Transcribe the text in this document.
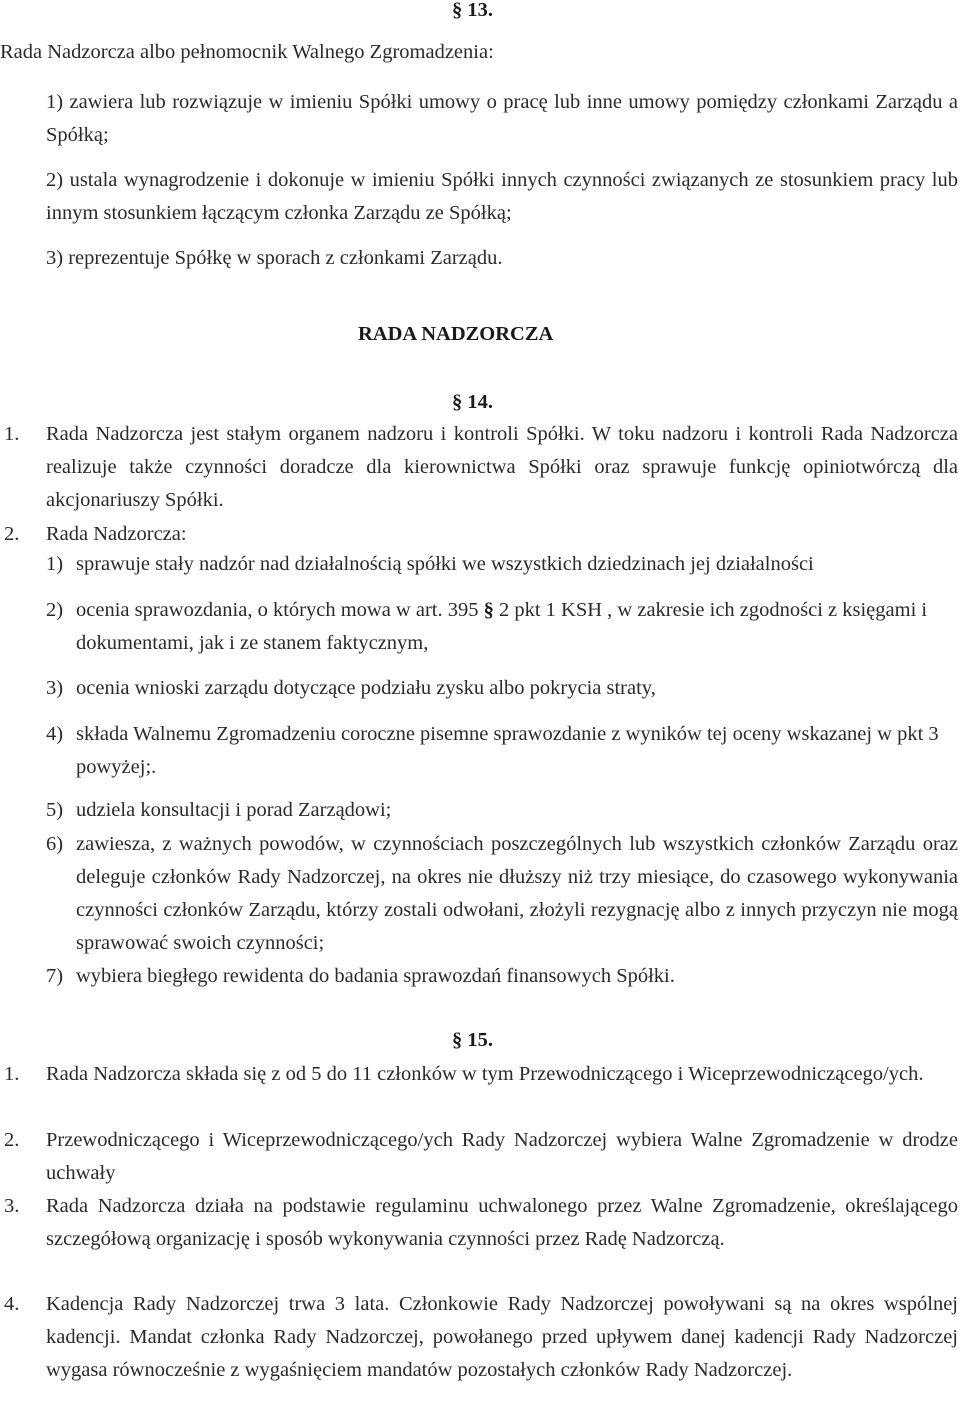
§ 13.
Rada Nadzorcza albo pełnomocnik Walnego Zgromadzenia:
1) zawiera lub rozwiązuje w imieniu Spółki umowy o pracę lub inne umowy pomiędzy członkami Zarządu a Spółką;
2) ustala wynagrodzenie i dokonuje w imieniu Spółki innych czynności związanych ze stosunkiem pracy lub innym stosunkiem łączącym członka Zarządu ze Spółką;
3) reprezentuje Spółkę w sporach z członkami Zarządu.
RADA NADZORCZA
§ 14.
1.	Rada Nadzorcza jest stałym organem nadzoru i kontroli Spółki. W toku nadzoru i kontroli Rada Nadzorcza realizuje także czynności doradcze dla kierownictwa Spółki oraz sprawuje funkcję opiniotwórczą dla akcjonariuszy Spółki.
2.	Rada Nadzorcza:
1) sprawuje stały nadzór nad działalnością spółki we wszystkich dziedzinach jej działalności
2) ocenia sprawozdania, o których mowa w art. 395 § 2 pkt 1 KSH , w zakresie ich zgodności z księgami i dokumentami, jak i ze stanem faktycznym,
3) ocenia wnioski zarządu dotyczące podziału zysku albo pokrycia straty,
4) składa Walnemu Zgromadzeniu coroczne pisemne sprawozdanie z wyników tej oceny wskazanej w pkt 3 powyżej;.
5) udziela konsultacji i porad Zarządowi;
6) zawiesza, z ważnych powodów, w czynnościach poszczególnych lub wszystkich członków Zarządu oraz deleguje członków Rady Nadzorczej, na okres nie dłuższy niż trzy miesiące, do czasowego wykonywania czynności członków Zarządu, którzy zostali odwołani, złożyli rezygnację albo z innych przyczyn nie mogą sprawować swoich czynności;
7) wybiera biegłego rewidenta do badania sprawozdań finansowych Spółki.
§ 15.
1.	Rada Nadzorcza składa się z od 5 do 11 członków w tym Przewodniczącego i Wiceprzewodniczącego/ych.
2.	Przewodniczącego i Wiceprzewodniczącego/ych Rady Nadzorczej wybiera Walne Zgromadzenie w drodze uchwały
3.	Rada Nadzorcza działa na podstawie regulaminu uchwalonego przez Walne Zgromadzenie, określającego szczegółową organizację i sposób wykonywania czynności przez Radę Nadzorczą.
4.	Kadencja Rady Nadzorczej trwa 3 lata. Członkowie Rady Nadzorczej powoływani są na okres wspólnej kadencji. Mandat członka Rady Nadzorczej, powołanego przed upływem danej kadencji Rady Nadzorczej wygasa równocześnie z wygaśnięciem mandatów pozostałych członków Rady Nadzorczej.
